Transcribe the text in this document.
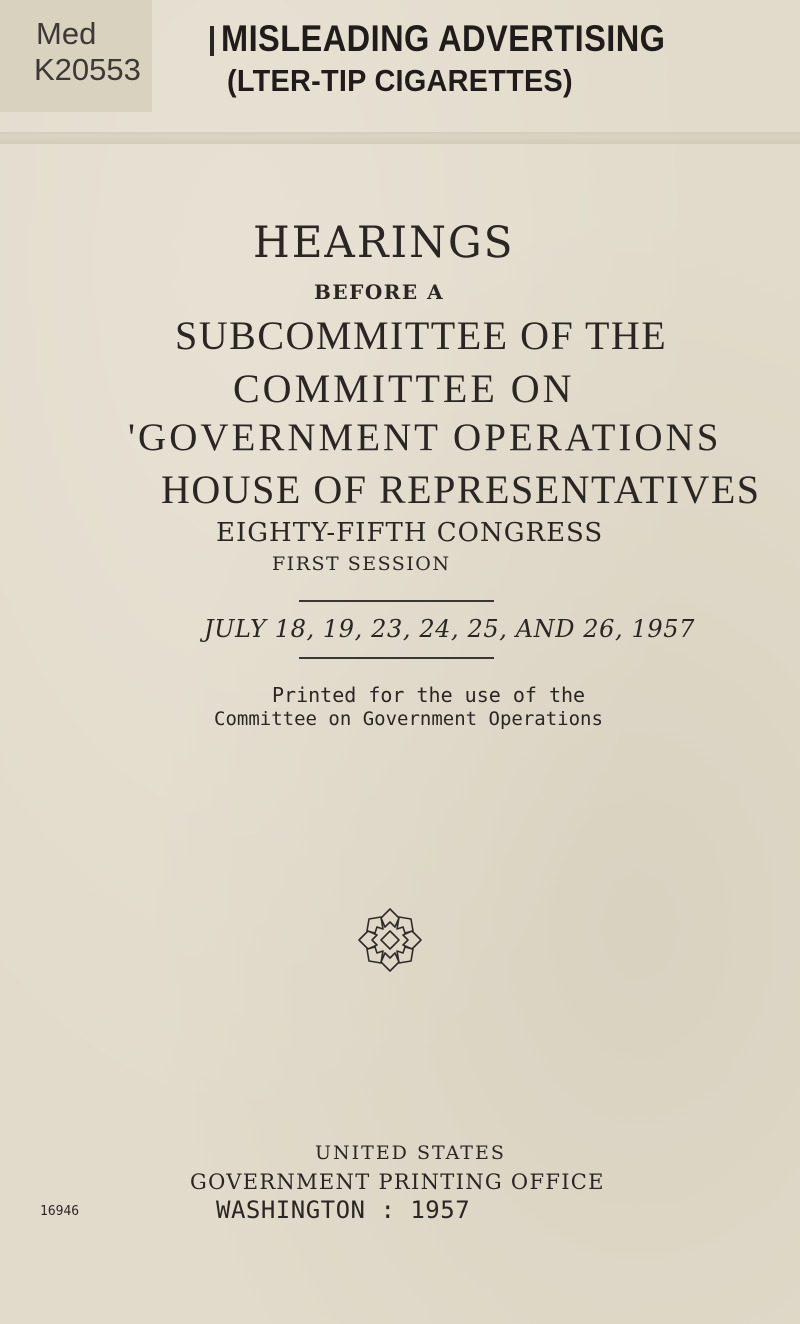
Med
K20553
MISLEADING ADVERTISING
(LTER-TIP CIGARETTES)
HEARINGS
BEFORE A
SUBCOMMITTEE OF THE
COMMITTEE ON
'GOVERNMENT OPERATIONS
HOUSE OF REPRESENTATIVES
EIGHTY-FIFTH CONGRESS
FIRST SESSION
JULY 18, 19, 23, 24, 25, AND 26, 1957
Printed for the use of the
Committee on Government Operations
UNITED STATES
GOVERNMENT PRINTING OFFICE
16946	WASHINGTON : 1957
